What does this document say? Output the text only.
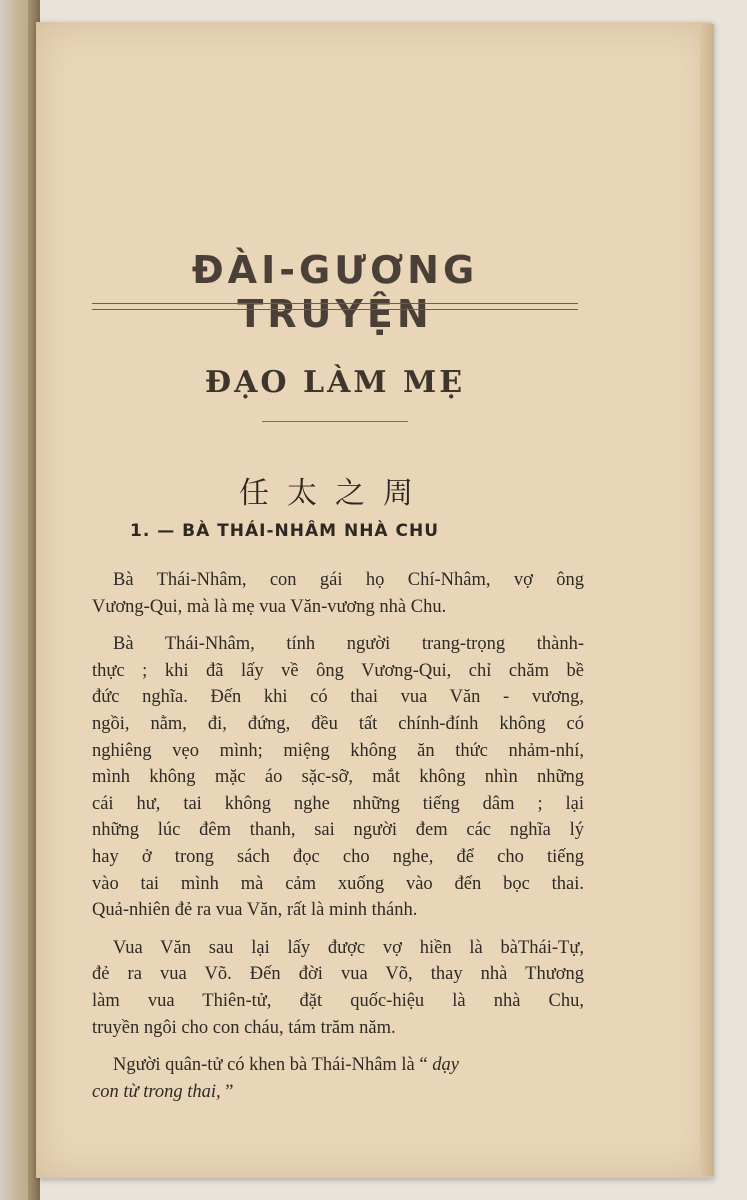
ĐÀI-GƯƠNG TRUYỆN
ĐẠO LÀM MẸ
任太之周
1. — BÀ THÁI-NHÂM NHÀ CHU
Bà Thái-Nhâm, con gái họ Chí-Nhâm, vợ ông
Vương-Qui, mà là mẹ vua Văn-vương nhà Chu.
Bà Thái-Nhâm, tính người trang-trọng thành-
thực ; khi đã lấy về ông Vương-Qui, chỉ chăm bề
đức nghĩa. Đến khi có thai vua Văn - vương,
ngồi, nằm, đi, đứng, đều tất chính-đính không có
nghiêng vẹo mình; miệng không ăn thức nhảm-nhí,
mình không mặc áo sặc-sỡ, mắt không nhìn những
cái hư, tai không nghe những tiếng dâm ; lại
những lúc đêm thanh, sai người đem các nghĩa lý
hay ở trong sách đọc cho nghe, để cho tiếng
vào tai mình mà cảm xuống vào đến bọc thai.
Quả-nhiên đẻ ra vua Văn, rất là minh thánh.
Vua Văn sau lại lấy được vợ hiền là bàThái-Tự,
đẻ ra vua Võ. Đến đời vua Võ, thay nhà Thương
làm vua Thiên-tử, đặt quốc-hiệu là nhà Chu,
truyền ngôi cho con cháu, tám trăm năm.
Người quân-tử có khen bà Thái-Nhâm là “ dạy
con từ trong thai, ”
